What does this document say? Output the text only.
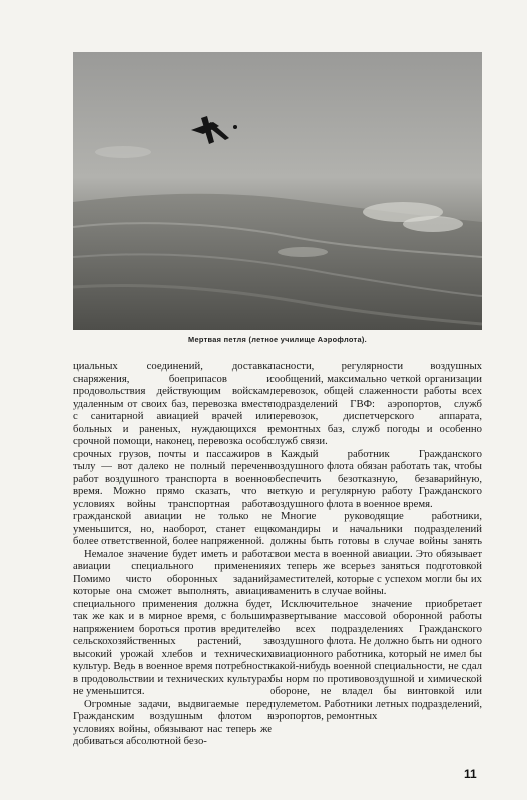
Мертвая петля (летное училище Аэрофлота).

циальных соединений, доставка снаряжения, боеприпасов и продовольствия действующим войскам, удаленным от своих баз, перевозка вместе с санитарной авиацией врачей или больных и раненых, нуждающихся в срочной помощи, наконец, перевозка особо срочных грузов, почты и пассажиров в тылу — вот далеко не полный перечень работ воздушного транспорта в военное время. Можно прямо сказать, что в условиях войны транспортная работа гражданской авиации не только не уменьшится, но, наоборот, станет еще более ответственной, более напряженной.

Немалое значение будет иметь и работа авиации специального применения. Помимо чисто оборонных заданий, которые она сможет выполнять, авиация специального применения должна будет, так же как и в мирное время, с большим напряжением бороться против вредителей сельскохозяйственных растений, за высокий урожай хлебов и технических культур. Ведь в военное время потребность в продовольствии и технических культурах не уменьшится.

Огромные задачи, выдвигаемые перед Гражданским воздушным флотом в условиях войны, обязывают нас теперь же добиваться абсолютной безо-

пасности, регулярности воздушных сообщений, максимально четкой организации перевозок, общей слаженности работы всех подразделений ГВФ: аэропортов, служб перевозок, диспетчерского аппарата, ремонтных баз, служб погоды и особенно служб связи.

Каждый работник Гражданского воздушного флота обязан работать так, чтобы обеспечить безотказную, безаварийную, четкую и регулярную работу Гражданского воздушного флота в военное время.

Многие руководящие работники, командиры и начальники подразделений должны быть готовы в случае войны занять свои места в военной авиации. Это обязывает их теперь же всерьез заняться подготовкой заместителей, которые с успехом могли бы их заменить в случае войны.

Исключительное значение приобретает развертывание массовой оборонной работы во всех подразделениях Гражданского воздушного флота. Не должно быть ни одного авиационного работника, который не имел бы какой-нибудь военной специальности, не сдал бы норм по противовоздушной и химической обороне, не владел бы винтовкой или пулеметом. Работники летных подразделений, аэропортов, ремонтных

11
